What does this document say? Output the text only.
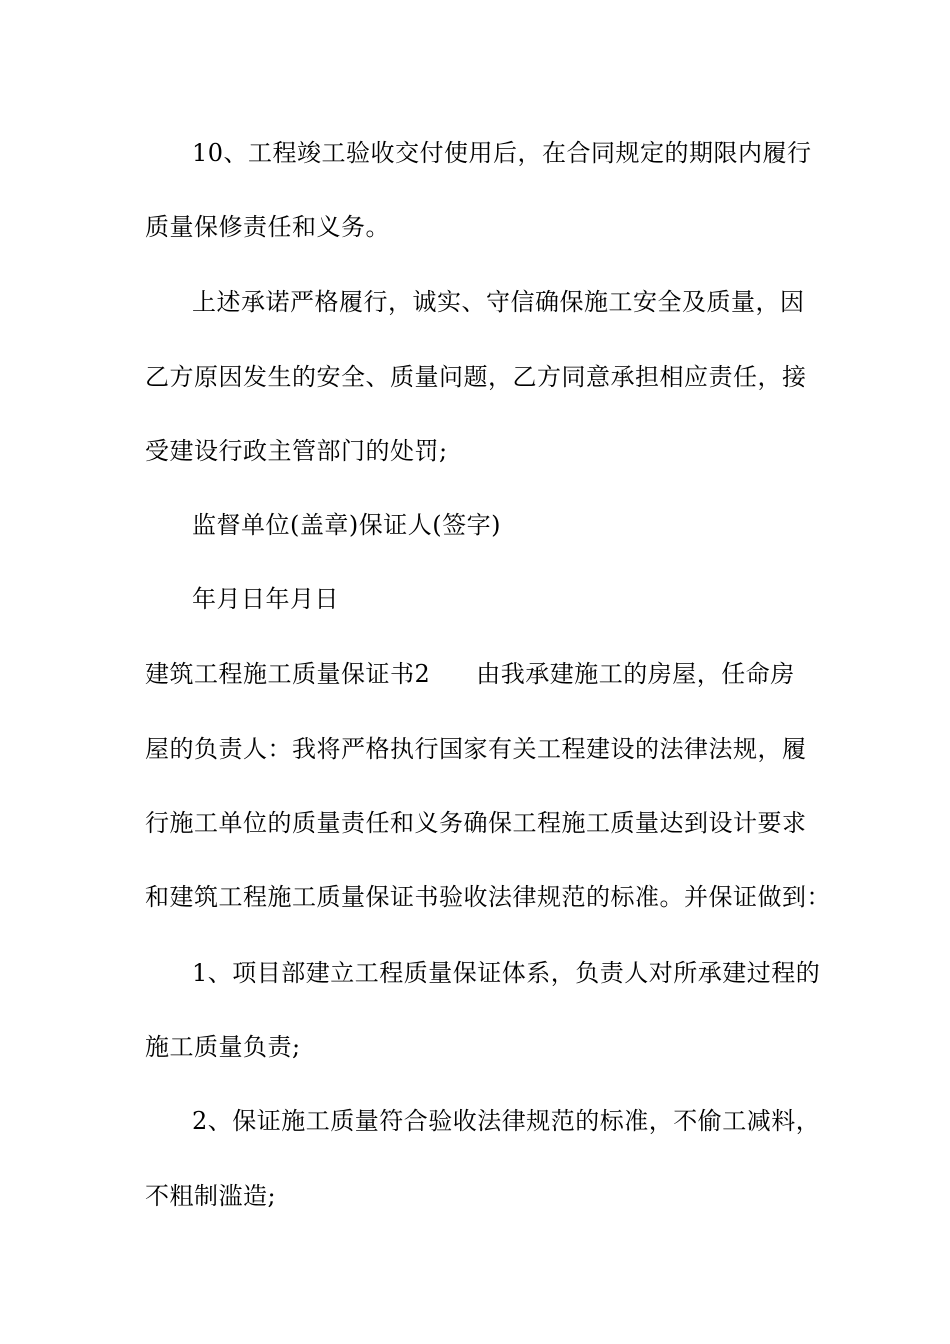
10、工程竣工验收交付使用后，在合同规定的期限内履行
质量保修责任和义务。
上述承诺严格履行，诚实、守信确保施工安全及质量，因
乙方原因发生的安全、质量问题，乙方同意承担相应责任，接
受建设行政主管部门的处罚;
监督单位(盖章)保证人(签字)
年月日年月日
建筑工程施工质量保证书2 由我承建施工的房屋，任命房
屋的负责人：我将严格执行国家有关工程建设的法律法规，履
行施工单位的质量责任和义务确保工程施工质量达到设计要求
和建筑工程施工质量保证书验收法律规范的标准。并保证做到：
1、项目部建立工程质量保证体系，负责人对所承建过程的
施工质量负责;
2、保证施工质量符合验收法律规范的标准，不偷工减料，
不粗制滥造;
